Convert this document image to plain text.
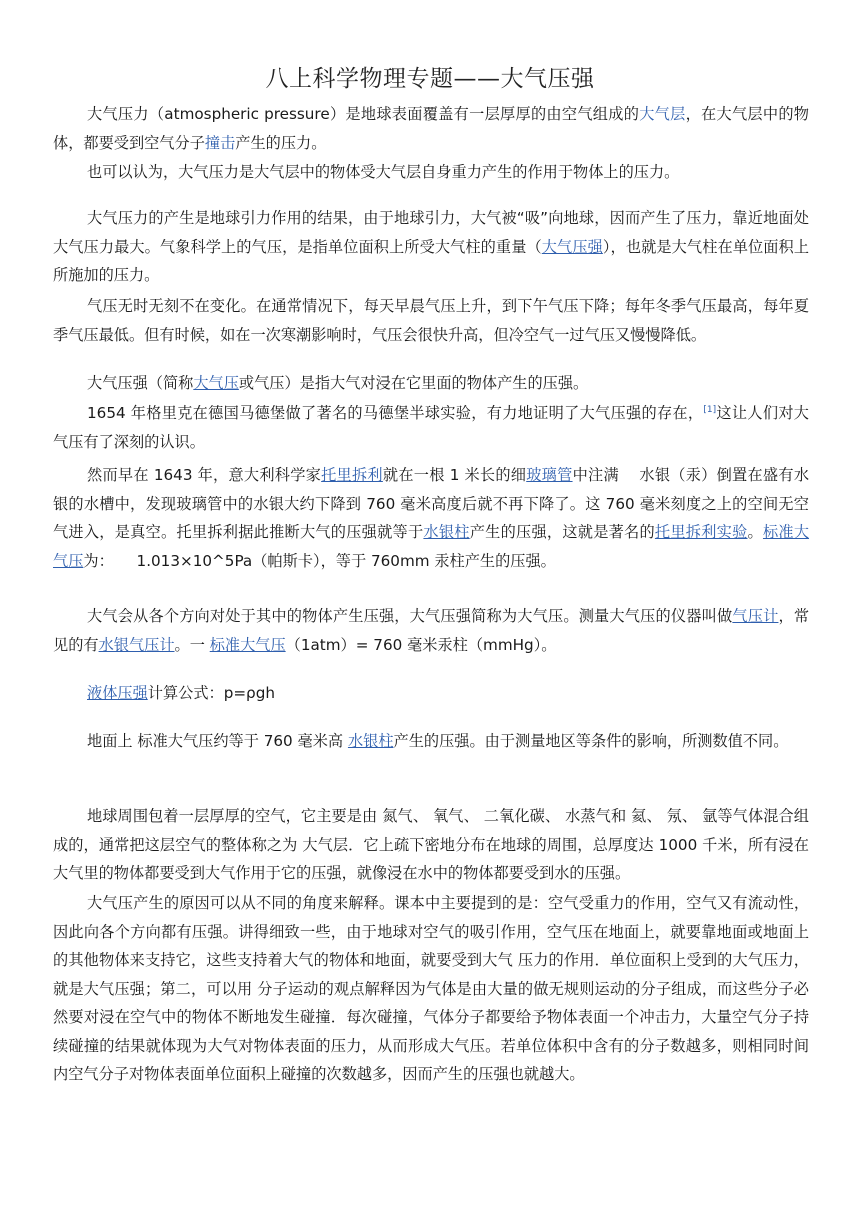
八上科学物理专题——大气压强

大气压力（atmospheric pressure）是地球表面覆盖有一层厚厚的由空气组成的大气层，在大气层中的物体，都要受到空气分子撞击产生的压力。

也可以认为，大气压力是大气层中的物体受大气层自身重力产生的作用于物体上的压力。

大气压力的产生是地球引力作用的结果，由于地球引力，大气被“吸”向地球，因而产生了压力，靠近地面处大气压力最大。气象科学上的气压，是指单位面积上所受大气柱的重量（大气压强），也就是大气柱在单位面积上所施加的压力。

气压无时无刻不在变化。在通常情况下，每天早晨气压上升，到下午气压下降；每年冬季气压最高，每年夏季气压最低。但有时候，如在一次寒潮影响时，气压会很快升高，但冷空气一过气压又慢慢降低。

大气压强（简称大气压或气压）是指大气对浸在它里面的物体产生的压强。

1654 年格里克在德国马德堡做了著名的马德堡半球实验，有力地证明了大气压强的存在，[1]这让人们对大气压有了深刻的认识。

然而早在 1643 年，意大利科学家托里拆利就在一根 1 米长的细玻璃管中注满　 水银（汞）倒置在盛有水银的水槽中，发现玻璃管中的水银大约下降到 760 毫米高度后就不再下降了。这 760 毫米刻度之上的空间无空气进入，是真空。托里拆利据此推断大气的压强就等于水银柱产生的压强，这就是著名的托里拆利实验。标准大气压为：　　1.013×10^5Pa（帕斯卡），等于 760mm 汞柱产生的压强。

大气会从各个方向对处于其中的物体产生压强，大气压强简称为大气压。测量大气压的仪器叫做气压计，常见的有水银气压计。一 标准大气压（1atm）= 760 毫米汞柱（mmHg）。

液体压强计算公式：p=ρgh

地面上 标准大气压约等于 760 毫米高 水银柱产生的压强。由于测量地区等条件的影响，所测数值不同。

地球周围包着一层厚厚的空气，它主要是由 氮气、 氧气、 二氧化碳、 水蒸气和 氦、 氖、 氩等气体混合组成的，通常把这层空气的整体称之为 大气层．它上疏下密地分布在地球的周围，总厚度达 1000 千米，所有浸在大气里的物体都要受到大气作用于它的压强，就像浸在水中的物体都要受到水的压强。

大气压产生的原因可以从不同的角度来解释。课本中主要提到的是：空气受重力的作用，空气又有流动性，因此向各个方向都有压强。讲得细致一些，由于地球对空气的吸引作用，空气压在地面上，就要靠地面或地面上的其他物体来支持它，这些支持着大气的物体和地面，就要受到大气 压力的作用．单位面积上受到的大气压力，就是大气压强；第二，可以用 分子运动的观点解释因为气体是由大量的做无规则运动的分子组成，而这些分子必然要对浸在空气中的物体不断地发生碰撞．每次碰撞，气体分子都要给予物体表面一个冲击力，大量空气分子持续碰撞的结果就体现为大气对物体表面的压力，从而形成大气压。若单位体积中含有的分子数越多，则相同时间内空气分子对物体表面单位面积上碰撞的次数越多，因而产生的压强也就越大。
